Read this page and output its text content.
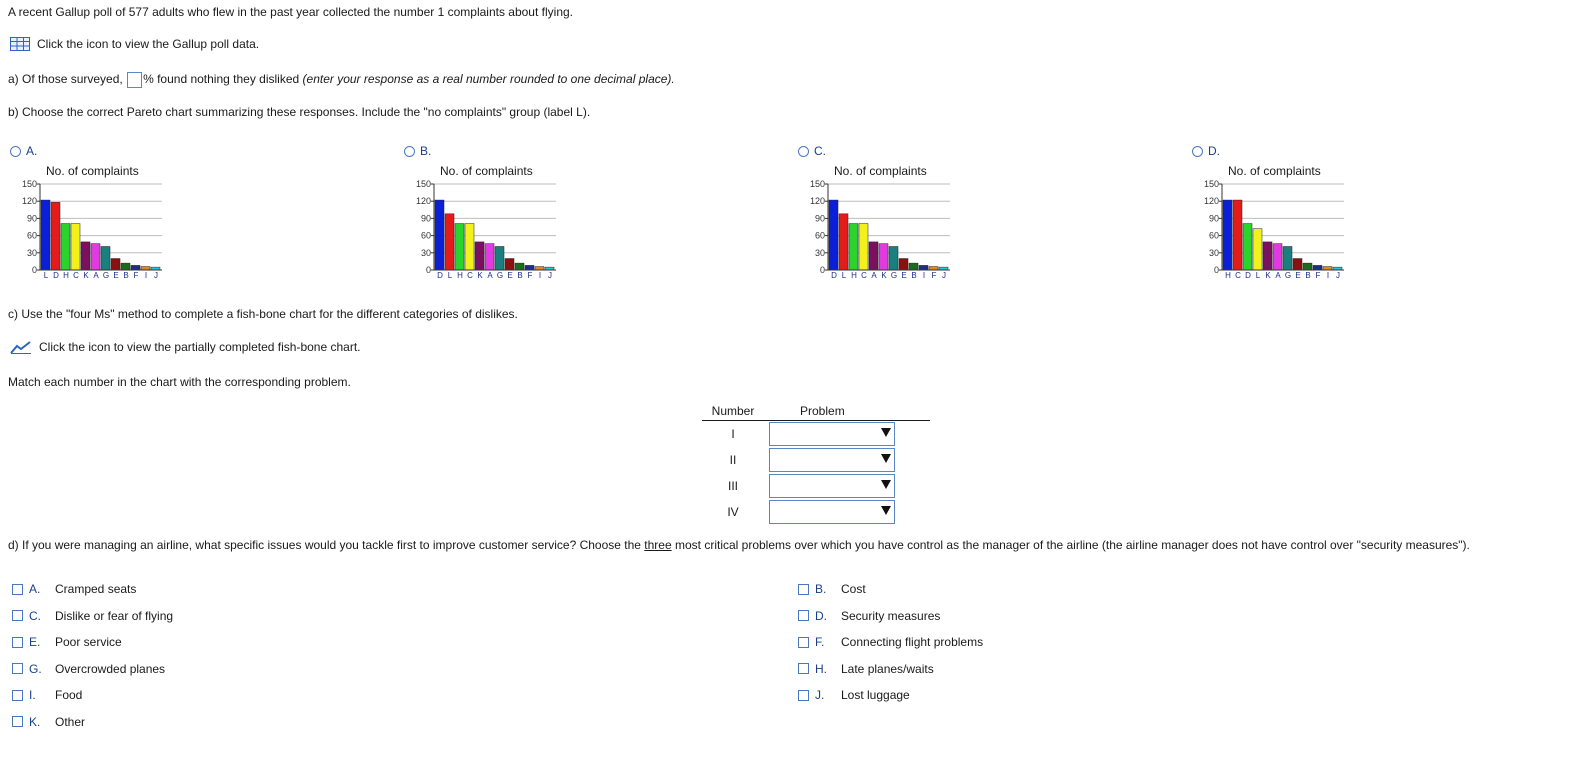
A recent Gallup poll of 577 adults who flew in the past year collected the number 1 complaints about flying.
Click the icon to view the Gallup poll data.
a) Of those surveyed, % found nothing they disliked (enter your response as a real number rounded to one decimal place).
b) Choose the correct Pareto chart summarizing these responses. Include the "no complaints" group (label L).
A.	B.	C.	D.
No. of complaints	No. of complaints	No. of complaints	No. of complaints
0
30
60
90
120
150
L D H C K A G E B F I J
0
30
60
90
120
150
D L H C K A G E B F I J
0
30
60
90
120
150
D L H C A K G E B I F J
0
30
60
90
120
150
H C D L K A G E B F I J
c) Use the "four Ms" method to complete a fish-bone chart for the different categories of dislikes.
Click the icon to view the partially completed fish-bone chart.
Match each number in the chart with the corresponding problem.
Number	Problem
I	

II	

III	

IV	
d) If you were managing an airline, what specific issues would you tackle first to improve customer service? Choose the three most critical problems over which you have control as the manager of the airline (the airline manager does not have control over "security measures").
A.	Cramped seats
C.	Dislike or fear of flying
E.	Poor service
G.	Overcrowded planes
I.	Food
K.	Other
B.	Cost
D.	Security measures
F.	Connecting flight problems
H.	Late planes/waits
J.	Lost luggage
